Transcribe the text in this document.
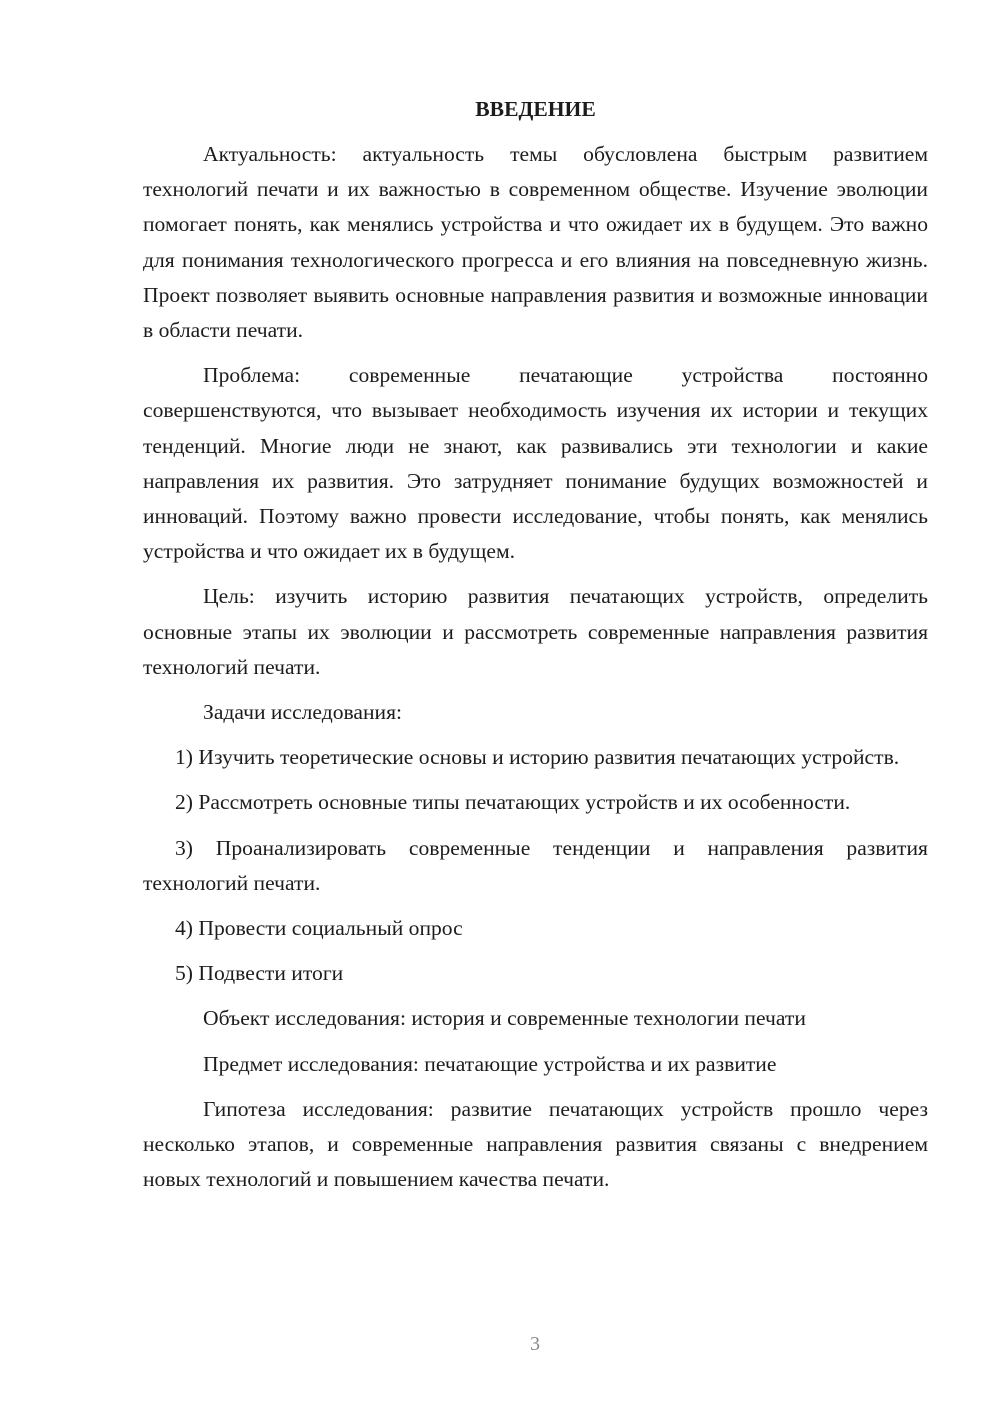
ВВЕДЕНИЕ

Актуальность: актуальность темы обусловлена быстрым развитием технологий печати и их важностью в современном обществе. Изучение эволюции помогает понять, как менялись устройства и что ожидает их в будущем. Это важно для понимания технологического прогресса и его влияния на повседневную жизнь. Проект позволяет выявить основные направления развития и возможные инновации в области печати.

Проблема: современные печатающие устройства постоянно совершенствуются, что вызывает необходимость изучения их истории и текущих тенденций. Многие люди не знают, как развивались эти технологии и какие направления их развития. Это затрудняет понимание будущих возможностей и инноваций. Поэтому важно провести исследование, чтобы понять, как менялись устройства и что ожидает их в будущем.

Цель: изучить историю развития печатающих устройств, определить основные этапы их эволюции и рассмотреть современные направления развития технологий печати.

Задачи исследования:

1) Изучить теоретические основы и историю развития печатающих устройств.

2) Рассмотреть основные типы печатающих устройств и их особенности.

3) Проанализировать современные тенденции и направления развития технологий печати.

4) Провести социальный опрос

5) Подвести итоги

Объект исследования: история и современные технологии печати

Предмет исследования: печатающие устройства и их развитие

Гипотеза исследования: развитие печатающих устройств прошло через несколько этапов, и современные направления развития связаны с внедрением новых технологий и повышением качества печати.

3
